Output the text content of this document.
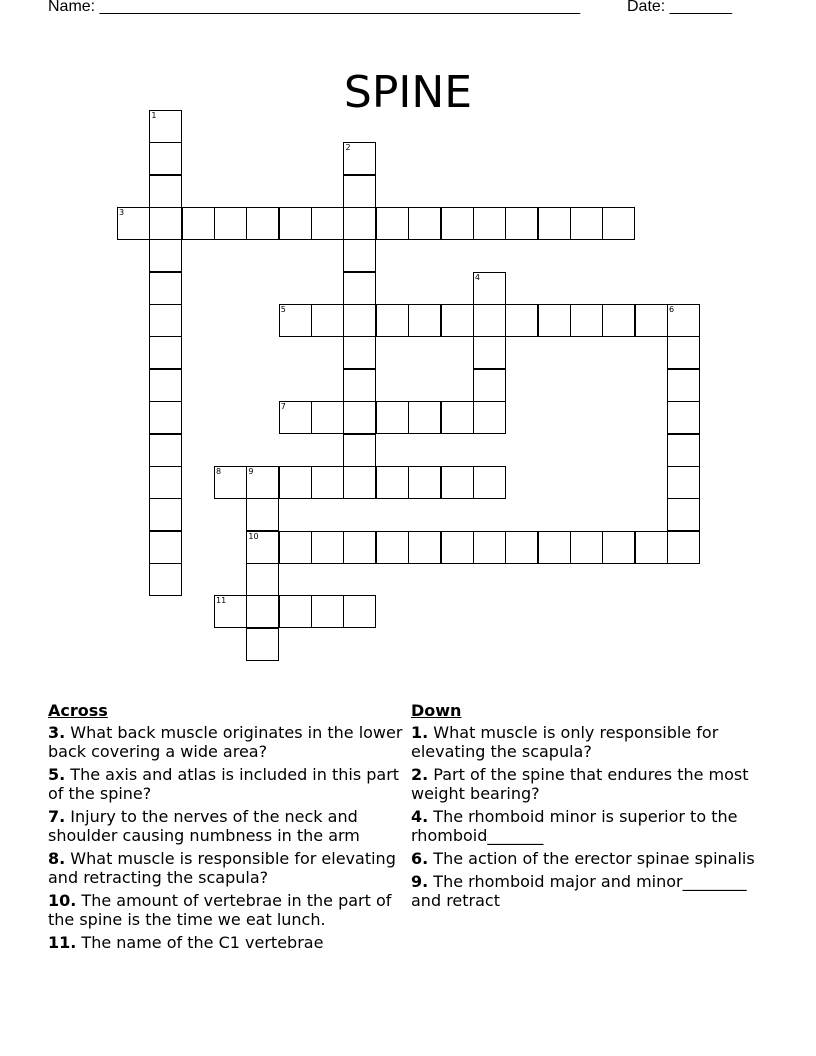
Name: ______________________________________________________	Date: _______
SPINE
1
2
3
4
5	6
7
8	9
10
11
Across
3. What back muscle originates in the lower back covering a wide area?
5. The axis and atlas is included in this part of the spine?
7. Injury to the nerves of the neck and shoulder causing numbness in the arm
8. What muscle is responsible for elevating and retracting the scapula?
10. The amount of vertebrae in the part of the spine is the time we eat lunch.
11. The name of the C1 vertebrae
Down
1. What muscle is only responsible for elevating the scapula?
2. Part of the spine that endures the most weight bearing?
4. The rhomboid minor is superior to the rhomboid_______
6. The action of the erector spinae spinalis
9. The rhomboid major and minor________ and retract
